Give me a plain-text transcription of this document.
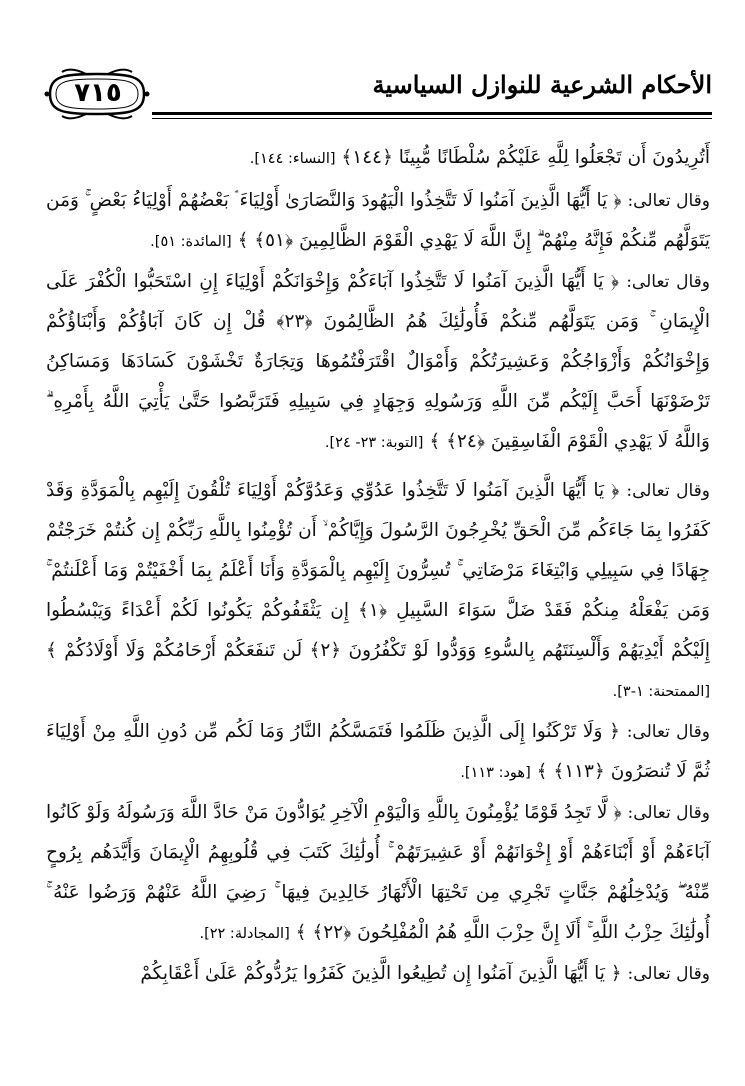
٧١٥	الأحكام الشرعية للنوازل السياسية

أَتُرِيدُونَ أَن تَجْعَلُوا لِلَّهِ عَلَيْكُمْ سُلْطَانًا مُّبِينًا ﴿١٤٤﴾ [النساء: ١٤٤].

وقال تعالى: ﴿ يَا أَيُّهَا الَّذِينَ آمَنُوا لَا تَتَّخِذُوا الْيَهُودَ وَالنَّصَارَىٰ أَوْلِيَاءَ ۘ بَعْضُهُمْ أَوْلِيَاءُ بَعْضٍ ۚ وَمَن يَتَوَلَّهُم مِّنكُمْ فَإِنَّهُ مِنْهُمْ ۗ إِنَّ اللَّهَ لَا يَهْدِي الْقَوْمَ الظَّالِمِينَ ﴿٥١﴾ ﴾ [المائدة: ٥١].

وقال تعالى: ﴿ يَا أَيُّهَا الَّذِينَ آمَنُوا لَا تَتَّخِذُوا آبَاءَكُمْ وَإِخْوَانَكُمْ أَوْلِيَاءَ إِنِ اسْتَحَبُّوا الْكُفْرَ عَلَى الْإِيمَانِ ۚ وَمَن يَتَوَلَّهُم مِّنكُمْ فَأُولَٰئِكَ هُمُ الظَّالِمُونَ ﴿٢٣﴾ قُلْ إِن كَانَ آبَاؤُكُمْ وَأَبْنَاؤُكُمْ وَإِخْوَانُكُمْ وَأَزْوَاجُكُمْ وَعَشِيرَتُكُمْ وَأَمْوَالٌ اقْتَرَفْتُمُوهَا وَتِجَارَةٌ تَخْشَوْنَ كَسَادَهَا وَمَسَاكِنُ تَرْضَوْنَهَا أَحَبَّ إِلَيْكُم مِّنَ اللَّهِ وَرَسُولِهِ وَجِهَادٍ فِي سَبِيلِهِ فَتَرَبَّصُوا حَتَّىٰ يَأْتِيَ اللَّهُ بِأَمْرِهِ ۗ وَاللَّهُ لَا يَهْدِي الْقَوْمَ الْفَاسِقِينَ ﴿٢٤﴾ ﴾ [التوبة: ٢٣- ٢٤].

وقال تعالى: ﴿ يَا أَيُّهَا الَّذِينَ آمَنُوا لَا تَتَّخِذُوا عَدُوِّي وَعَدُوَّكُمْ أَوْلِيَاءَ تُلْقُونَ إِلَيْهِم بِالْمَوَدَّةِ وَقَدْ كَفَرُوا بِمَا جَاءَكُم مِّنَ الْحَقِّ يُخْرِجُونَ الرَّسُولَ وَإِيَّاكُمْ ۙ أَن تُؤْمِنُوا بِاللَّهِ رَبِّكُمْ إِن كُنتُمْ خَرَجْتُمْ جِهَادًا فِي سَبِيلِي وَابْتِغَاءَ مَرْضَاتِي ۚ تُسِرُّونَ إِلَيْهِم بِالْمَوَدَّةِ وَأَنَا أَعْلَمُ بِمَا أَخْفَيْتُمْ وَمَا أَعْلَنتُمْ ۚ وَمَن يَفْعَلْهُ مِنكُمْ فَقَدْ ضَلَّ سَوَاءَ السَّبِيلِ ﴿١﴾ إِن يَثْقَفُوكُمْ يَكُونُوا لَكُمْ أَعْدَاءً وَيَبْسُطُوا إِلَيْكُمْ أَيْدِيَهُمْ وَأَلْسِنَتَهُم بِالسُّوءِ وَوَدُّوا لَوْ تَكْفُرُونَ ﴿٢﴾ لَن تَنفَعَكُمْ أَرْحَامُكُمْ وَلَا أَوْلَادُكُمْ ﴾ [الممتحنة: ١-٣].

وقال تعالى: ﴿ وَلَا تَرْكَنُوا إِلَى الَّذِينَ ظَلَمُوا فَتَمَسَّكُمُ النَّارُ وَمَا لَكُم مِّن دُونِ اللَّهِ مِنْ أَوْلِيَاءَ ثُمَّ لَا تُنصَرُونَ ﴿١١٣﴾ ﴾ [هود: ١١٣].

وقال تعالى: ﴿ لَّا تَجِدُ قَوْمًا يُؤْمِنُونَ بِاللَّهِ وَالْيَوْمِ الْآخِرِ يُوَادُّونَ مَنْ حَادَّ اللَّهَ وَرَسُولَهُ وَلَوْ كَانُوا آبَاءَهُمْ أَوْ أَبْنَاءَهُمْ أَوْ إِخْوَانَهُمْ أَوْ عَشِيرَتَهُمْ ۚ أُولَٰئِكَ كَتَبَ فِي قُلُوبِهِمُ الْإِيمَانَ وَأَيَّدَهُم بِرُوحٍ مِّنْهُ ۖ وَيُدْخِلُهُمْ جَنَّاتٍ تَجْرِي مِن تَحْتِهَا الْأَنْهَارُ خَالِدِينَ فِيهَا ۚ رَضِيَ اللَّهُ عَنْهُمْ وَرَضُوا عَنْهُ ۚ أُولَٰئِكَ حِزْبُ اللَّهِ ۚ أَلَا إِنَّ حِزْبَ اللَّهِ هُمُ الْمُفْلِحُونَ ﴿٢٢﴾ ﴾ [المجادلة: ٢٢].

وقال تعالى: ﴿ يَا أَيُّهَا الَّذِينَ آمَنُوا إِن تُطِيعُوا الَّذِينَ كَفَرُوا يَرُدُّوكُمْ عَلَىٰ أَعْقَابِكُمْ
